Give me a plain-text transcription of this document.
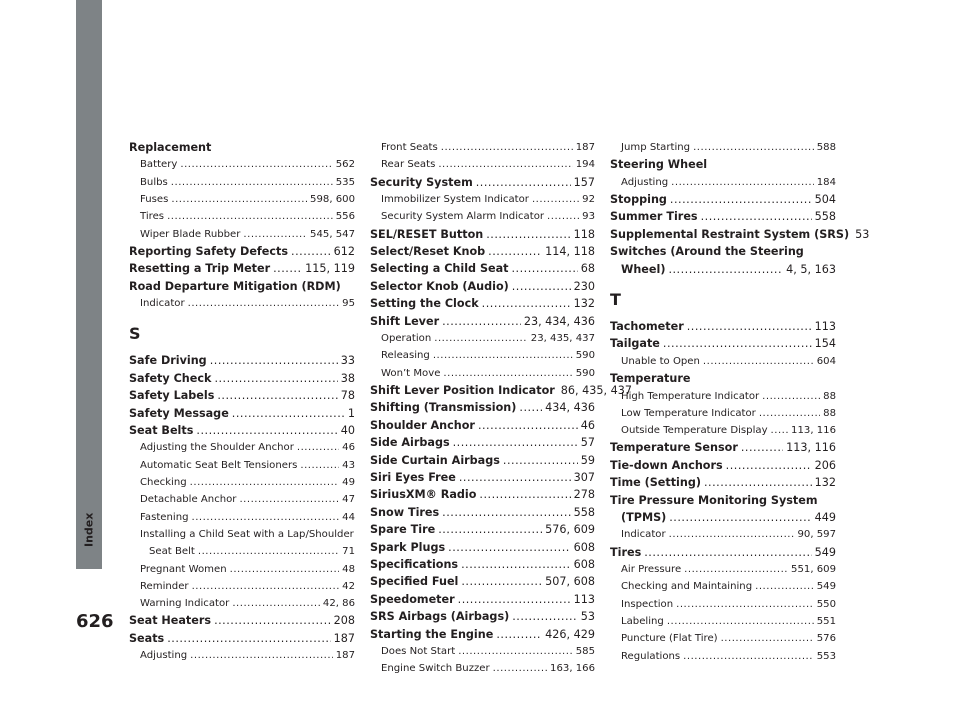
Index
626
Replacement
Battery .....	562
Bulbs .....	535
Fuses .....	598, 600
Tires .....	556
Wiper Blade Rubber .....	545, 547
Reporting Safety Defects .....	612
Resetting a Trip Meter .....	115, 119
Road Departure Mitigation (RDM)
Indicator .....	95
S
Safe Driving .....	33
Safety Check .....	38
Safety Labels .....	78
Safety Message .....	1
Seat Belts .....	40
Adjusting the Shoulder Anchor .....	46
Automatic Seat Belt Tensioners .....	43
Checking .....	49
Detachable Anchor .....	47
Fastening .....	44
Installing a Child Seat with a Lap/Shoulder
Seat Belt .....	71
Pregnant Women .....	48
Reminder .....	42
Warning Indicator .....	42, 86
Seat Heaters .....	208
Seats .....	187
Adjusting .....	187
Front Seats .....	187
Rear Seats .....	194
Security System .....	157
Immobilizer System Indicator .....	92
Security System Alarm Indicator .....	93
SEL/RESET Button .....	118
Select/Reset Knob .....	114, 118
Selecting a Child Seat .....	68
Selector Knob (Audio) .....	230
Setting the Clock .....	132
Shift Lever .....	23, 434, 436
Operation .....	23, 435, 437
Releasing .....	590
Won’t Move .....	590
Shift Lever Position Indicator 86, 435, 437
Shifting (Transmission) .....	434, 436
Shoulder Anchor .....	46
Side Airbags .....	57
Side Curtain Airbags .....	59
Siri Eyes Free .....	307
SiriusXM® Radio .....	278
Snow Tires .....	558
Spare Tire .....	576, 609
Spark Plugs .....	608
Specifications .....	608
Specified Fuel .....	507, 608
Speedometer .....	113
SRS Airbags (Airbags) .....	53
Starting the Engine .....	426, 429
Does Not Start .....	585
Engine Switch Buzzer .....	163, 166
Jump Starting .....	588
Steering Wheel
Adjusting .....	184
Stopping .....	504
Summer Tires .....	558
Supplemental Restraint System (SRS) 53
Switches (Around the Steering
Wheel) .....	4, 5, 163
T
Tachometer .....	113
Tailgate .....	154
Unable to Open .....	604
Temperature
High Temperature Indicator .....	88
Low Temperature Indicator .....	88
Outside Temperature Display ..... 113, 116
Temperature Sensor .....	113, 116
Tie-down Anchors .....	206
Time (Setting) .....	132
Tire Pressure Monitoring System
(TPMS) .....	449
Indicator .....	90, 597
Tires .....	549
Air Pressure .....	551, 609
Checking and Maintaining .....	549
Inspection .....	550
Labeling .....	551
Puncture (Flat Tire) .....	576
Regulations .....	553
